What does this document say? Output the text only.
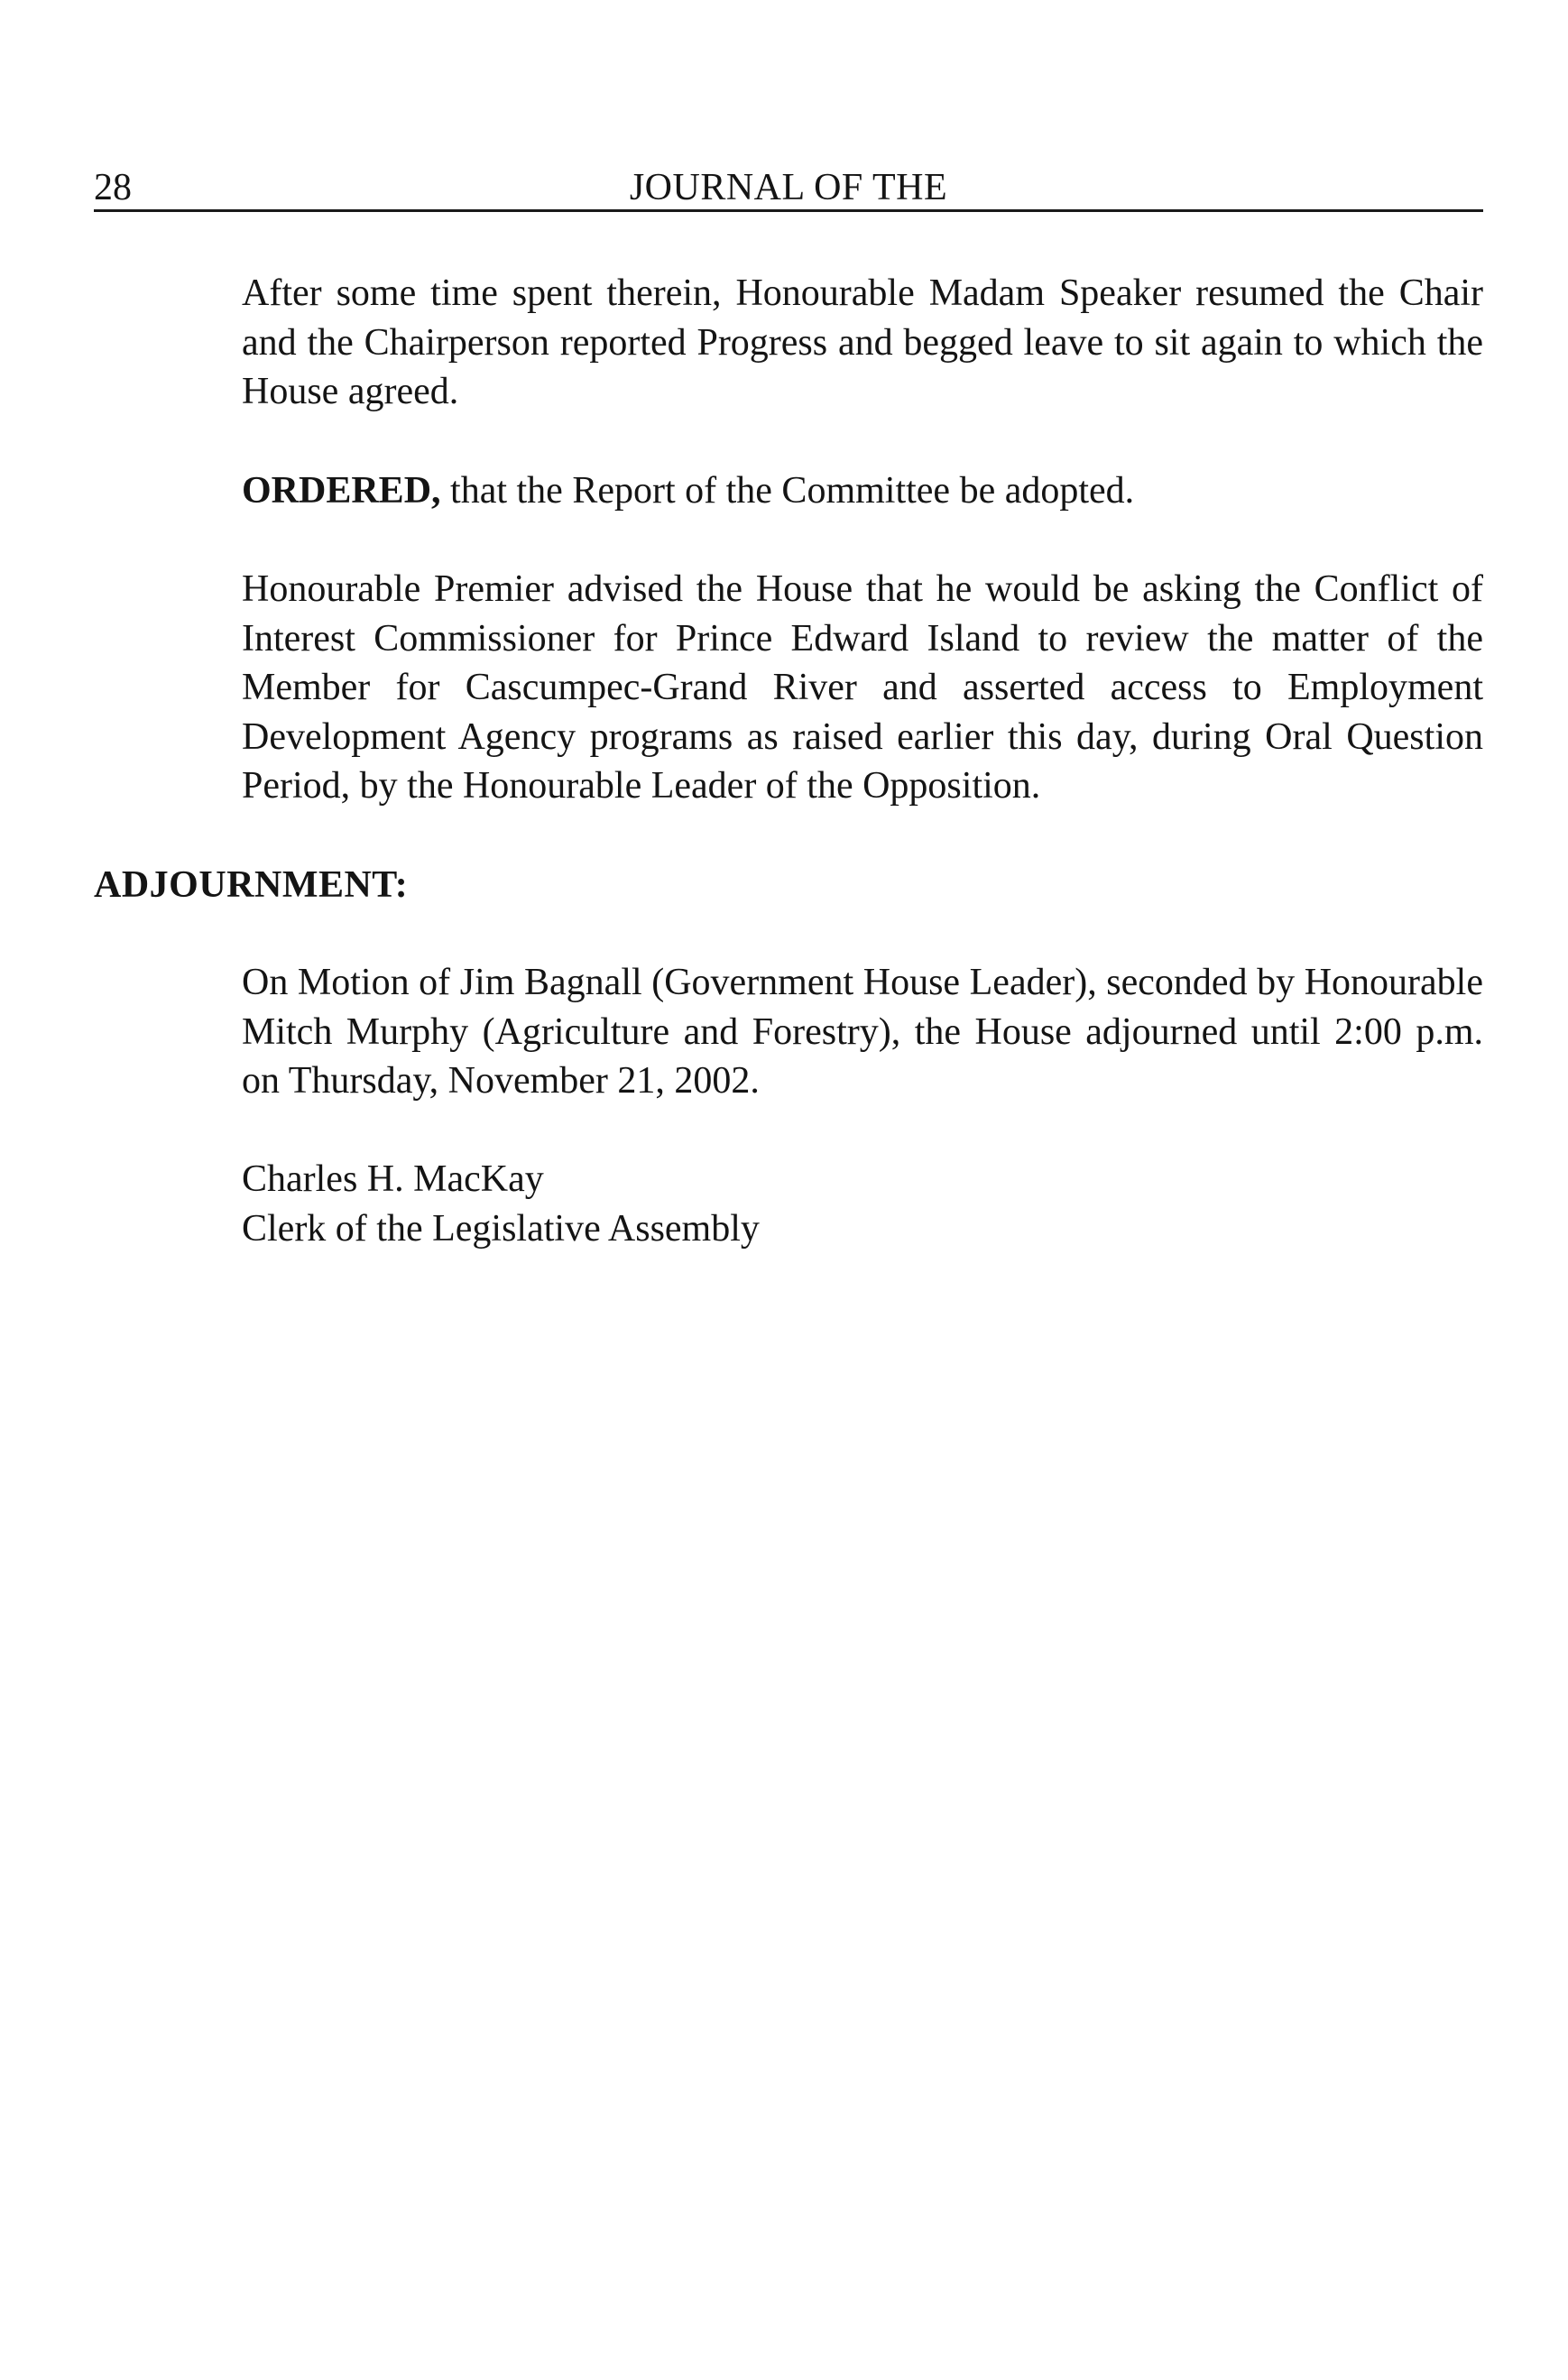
28	JOURNAL OF THE

After some time spent therein, Honourable Madam Speaker resumed the Chair and the Chairperson reported Progress and begged leave to sit again to which the House agreed.

ORDERED, that the Report of the Committee be adopted.

Honourable Premier advised the House that he would be asking the Conflict of Interest Commissioner for Prince Edward Island to review the matter of the Member for Cascumpec-Grand River and asserted access to Employment Development Agency programs as raised earlier this day, during Oral Question Period, by the Honourable Leader of the Opposition.

ADJOURNMENT:

On Motion of Jim Bagnall (Government House Leader), seconded by Honourable Mitch Murphy (Agriculture and Forestry), the House adjourned until 2:00 p.m. on Thursday, November 21, 2002.

Charles H. MacKay
Clerk of the Legislative Assembly
